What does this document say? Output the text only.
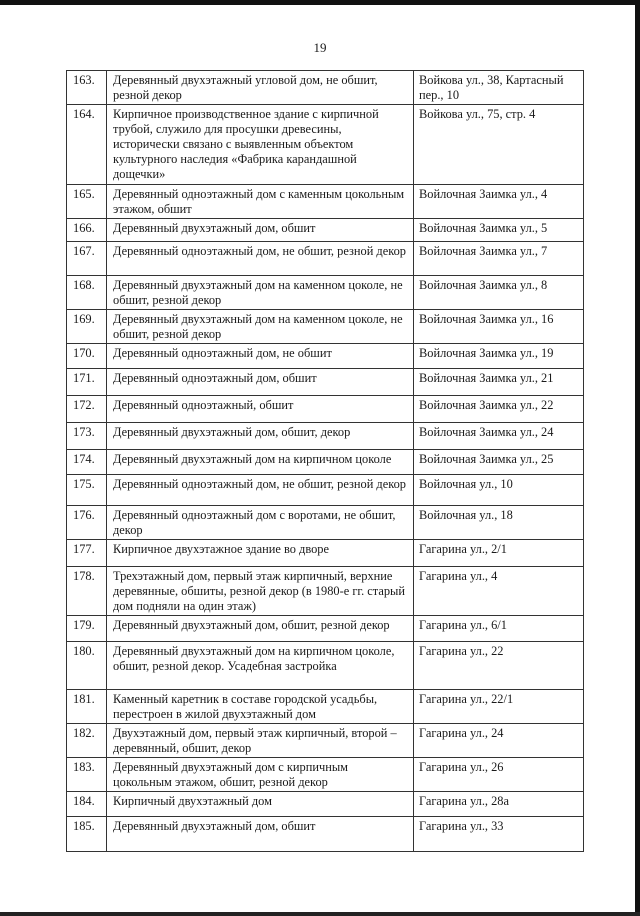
19
163.	Деревянный двухэтажный угловой дом, не обшит, резной декор	Войкова ул., 38, Картасный пер., 10
164.	Кирпичное производственное здание с кирпичной трубой, служило для просушки древесины, исторически связано с выявленным объектом культурного наследия «Фабрика карандашной дощечки»	Войкова ул., 75, стр. 4
165.	Деревянный одноэтажный дом с каменным цокольным этажом, обшит	Войлочная Заимка ул., 4
166.	Деревянный двухэтажный дом, обшит	Войлочная Заимка ул., 5
167.	Деревянный одноэтажный дом, не обшит, резной декор	Войлочная Заимка ул., 7
168.	Деревянный двухэтажный дом на каменном цоколе, не обшит, резной декор	Войлочная Заимка ул., 8
169.	Деревянный двухэтажный дом на каменном цоколе, не обшит, резной декор	Войлочная Заимка ул., 16
170.	Деревянный одноэтажный дом, не обшит	Войлочная Заимка ул., 19
171.	Деревянный одноэтажный дом, обшит	Войлочная Заимка ул., 21
172.	Деревянный одноэтажный, обшит	Войлочная Заимка ул., 22
173.	Деревянный двухэтажный дом, обшит, декор	Войлочная Заимка ул., 24
174.	Деревянный двухэтажный дом на кирпичном цоколе	Войлочная Заимка ул., 25
175.	Деревянный одноэтажный дом, не обшит, резной декор	Войлочная ул., 10
176.	Деревянный одноэтажный дом с воротами, не обшит, декор	Войлочная ул., 18
177.	Кирпичное двухэтажное здание во дворе	Гагарина ул., 2/1
178.	Трехэтажный дом, первый этаж кирпичный, верхние деревянные, обшиты, резной декор (в 1980-е гг. старый дом подняли на один этаж)	Гагарина ул., 4
179.	Деревянный двухэтажный дом, обшит, резной декор	Гагарина ул., 6/1
180.	Деревянный двухэтажный дом на кирпичном цоколе, обшит, резной декор. Усадебная застройка	Гагарина ул., 22
181.	Каменный каретник в составе городской усадьбы, перестроен в жилой двухэтажный дом	Гагарина ул., 22/1
182.	Двухэтажный дом, первый этаж кирпичный, второй – деревянный, обшит, декор	Гагарина ул., 24
183.	Деревянный двухэтажный дом с кирпичным цокольным этажом, обшит, резной декор	Гагарина ул., 26
184.	Кирпичный двухэтажный дом	Гагарина ул., 28а
185.	Деревянный двухэтажный дом, обшит	Гагарина ул., 33
